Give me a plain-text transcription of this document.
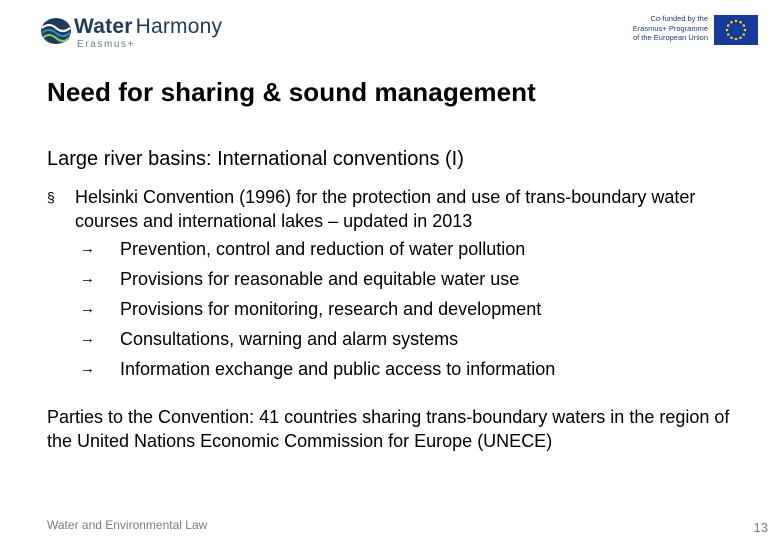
Water Harmony
Erasmus+
Co-funded by the
Erasmus+ Programme
of the European Union
Need for sharing & sound management
Large river basins: International conventions (I)
§ Helsinki Convention (1996) for the protection and use of trans-boundary water courses and international lakes – updated in 2013
→ Prevention, control and reduction of water pollution
→ Provisions for reasonable and equitable water use
→ Provisions for monitoring, research and development
→ Consultations, warning and alarm systems
→ Information exchange and public access to information
Parties to the Convention: 41 countries sharing trans-boundary waters in the region of the United Nations Economic Commission for Europe (UNECE)
Water and Environmental Law	13
